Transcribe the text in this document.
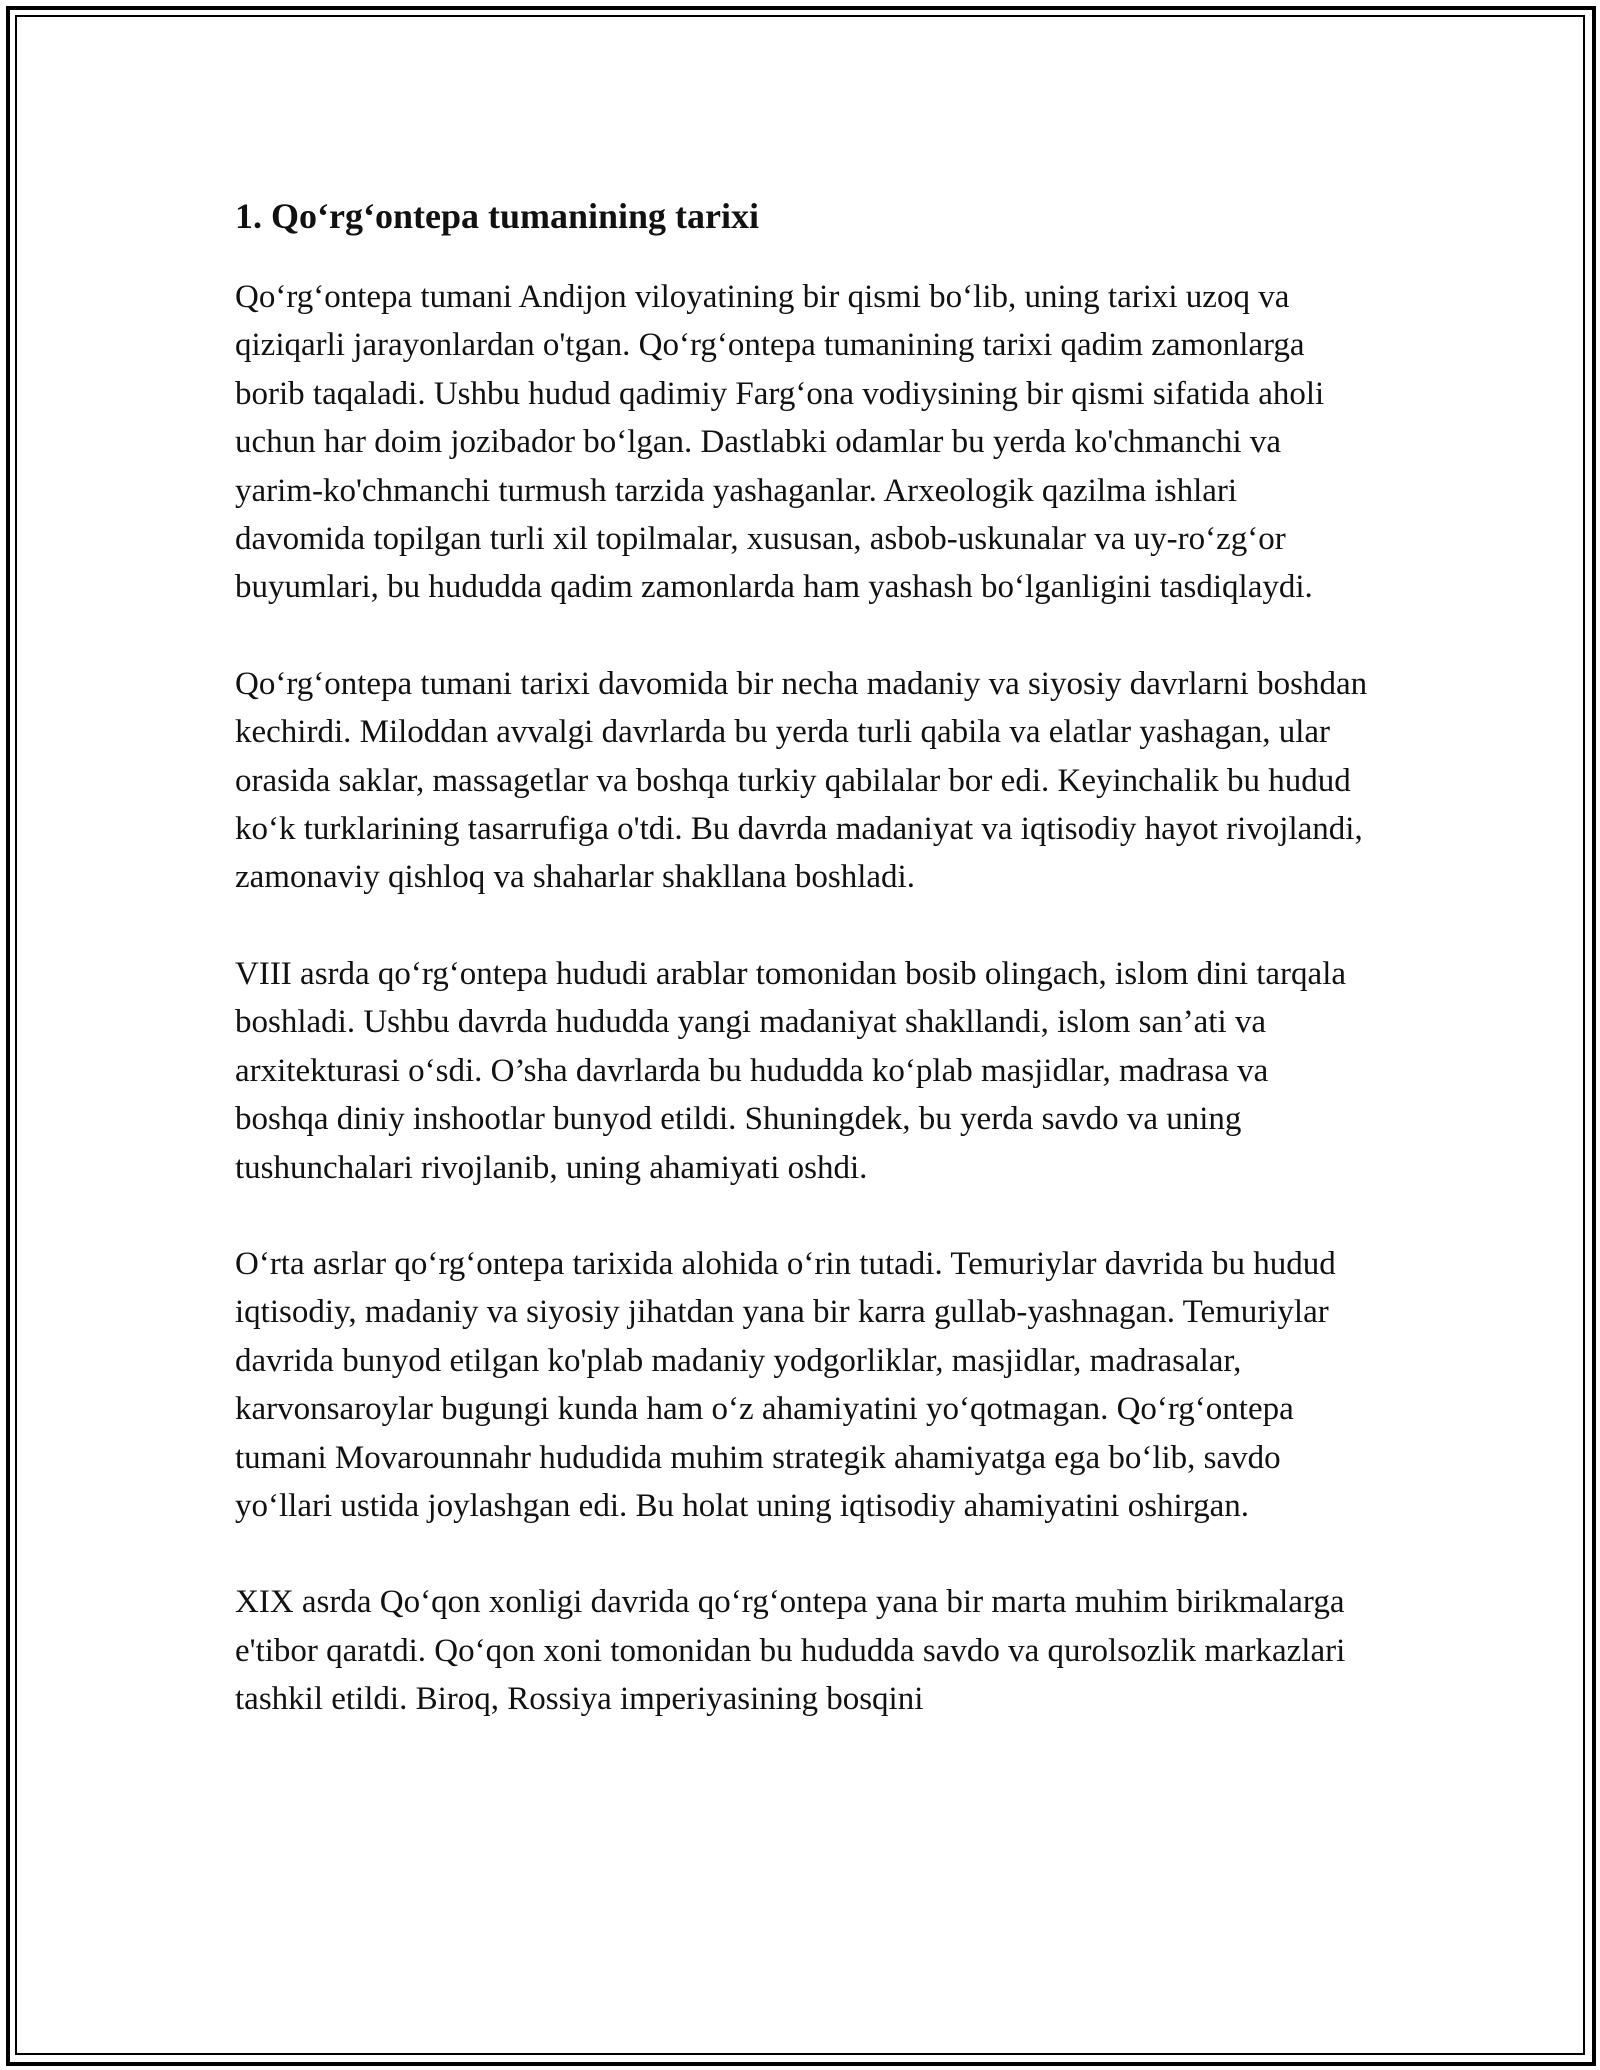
1. Qo‘rg‘ontepa tumanining tarixi

Qo‘rg‘ontepa tumani Andijon viloyatining bir qismi bo‘lib, uning tarixi uzoq va qiziqarli jarayonlardan o'tgan. Qo‘rg‘ontepa tumanining tarixi qadim zamonlarga borib taqaladi. Ushbu hudud qadimiy Farg‘ona vodiysining bir qismi sifatida aholi uchun har doim jozibador bo‘lgan. Dastlabki odamlar bu yerda ko'chmanchi va yarim-ko'chmanchi turmush tarzida yashaganlar. Arxeologik qazilma ishlari davomida topilgan turli xil topilmalar, xususan, asbob-uskunalar va uy-ro‘zg‘or buyumlari, bu hududda qadim zamonlarda ham yashash bo‘lganligini tasdiqlaydi.

Qo‘rg‘ontepa tumani tarixi davomida bir necha madaniy va siyosiy davrlarni boshdan kechirdi. Miloddan avvalgi davrlarda bu yerda turli qabila va elatlar yashagan, ular orasida saklar, massagetlar va boshqa turkiy qabilalar bor edi. Keyinchalik bu hudud ko‘k turklarining tasarrufiga o'tdi. Bu davrda madaniyat va iqtisodiy hayot rivojlandi, zamonaviy qishloq va shaharlar shakllana boshladi.

VIII asrda qo‘rg‘ontepa hududi arablar tomonidan bosib olingach, islom dini tarqala boshladi. Ushbu davrda hududda yangi madaniyat shakllandi, islom san’ati va arxitekturasi o‘sdi. O’sha davrlarda bu hududda ko‘plab masjidlar, madrasa va boshqa diniy inshootlar bunyod etildi. Shuningdek, bu yerda savdo va uning tushunchalari rivojlanib, uning ahamiyati oshdi.

O‘rta asrlar qo‘rg‘ontepa tarixida alohida o‘rin tutadi. Temuriylar davrida bu hudud iqtisodiy, madaniy va siyosiy jihatdan yana bir karra gullab-yashnagan. Temuriylar davrida bunyod etilgan ko'plab madaniy yodgorliklar, masjidlar, madrasalar, karvonsaroylar bugungi kunda ham o‘z ahamiyatini yo‘qotmagan. Qo‘rg‘ontepa tumani Movarounnahr hududida muhim strategik ahamiyatga ega bo‘lib, savdo yo‘llari ustida joylashgan edi. Bu holat uning iqtisodiy ahamiyatini oshirgan.

XIX asrda Qo‘qon xonligi davrida qo‘rg‘ontepa yana bir marta muhim birikmalarga e'tibor qaratdi. Qo‘qon xoni tomonidan bu hududda savdo va qurolsozlik markazlari tashkil etildi. Biroq, Rossiya imperiyasining bosqini
